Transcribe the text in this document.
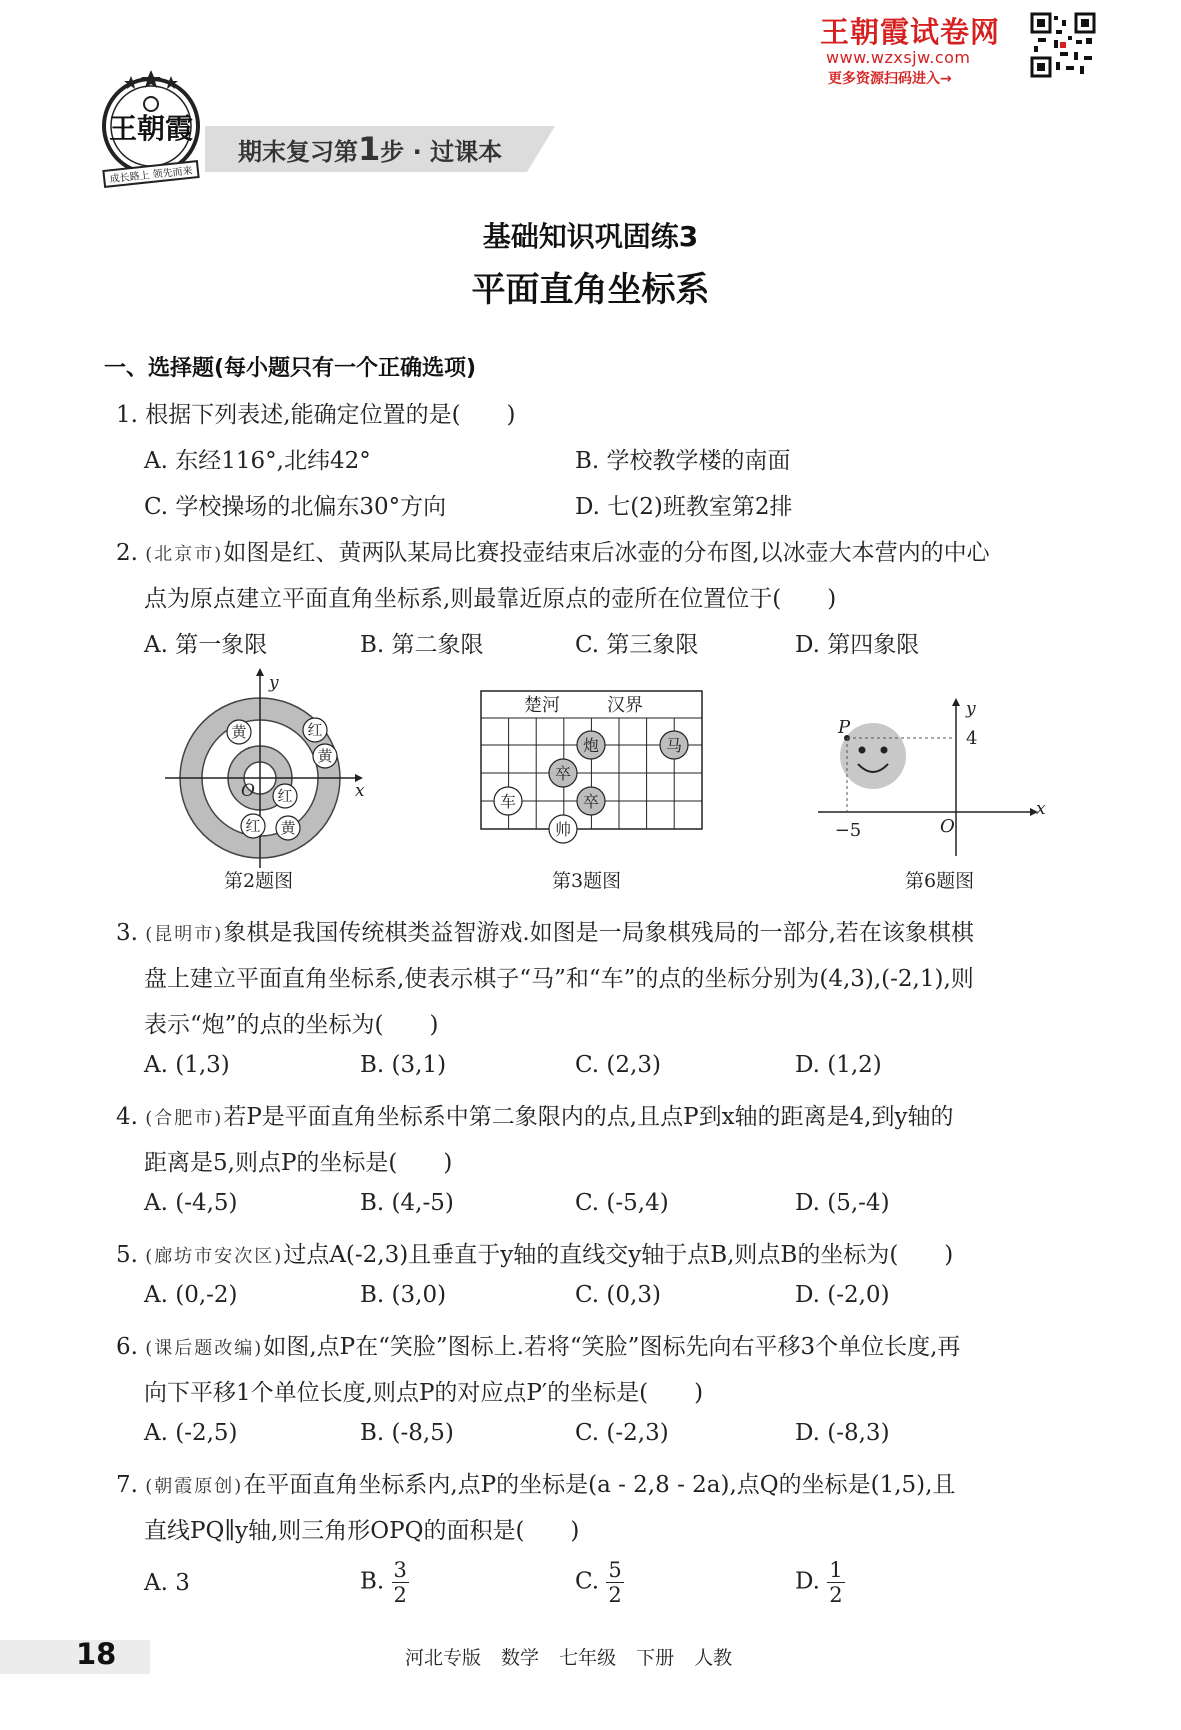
王朝霞试卷网
www.wzxsjw.com
更多资源扫码进入→
王朝霞
成长路上 领先而来
期末复习第1步 · 过课本
基础知识巩固练3
平面直角坐标系
一、选择题(每小题只有一个正确选项)
1. 根据下列表述,能确定位置的是(　　)
A. 东经116°,北纬42°	B. 学校教学楼的南面
C. 学校操场的北偏东30°方向	D. 七(2)班教室第2排
2. (北京市)如图是红、黄两队某局比赛投壶结束后冰壶的分布图,以冰壶大本营内的中心
点为原点建立平面直角坐标系,则最靠近原点的壶所在位置位于(　　)
A. 第一象限	B. 第二象限	C. 第三象限	D. 第四象限
y
x
O
黄	红
黄
红
红 黄
第2题图
楚河	汉界
炮	马
卒
卒
车
帅
第3题图
P
y
x
O
4
−5
第6题图
3. (昆明市)象棋是我国传统棋类益智游戏.如图是一局象棋残局的一部分,若在该象棋棋
盘上建立平面直角坐标系,使表示棋子“马”和“车”的点的坐标分别为(4,3),(-2,1),则
表示“炮”的点的坐标为(　　)
A. (1,3)	B. (3,1)	C. (2,3)	D. (1,2)
4. (合肥市)若P是平面直角坐标系中第二象限内的点,且点P到x轴的距离是4,到y轴的
距离是5,则点P的坐标是(　　)
A. (-4,5)	B. (4,-5)	C. (-5,4)	D. (5,-4)
5. (廊坊市安次区)过点A(-2,3)且垂直于y轴的直线交y轴于点B,则点B的坐标为(　　)
A. (0,-2)	B. (3,0)	C. (0,3)	D. (-2,0)
6. (课后题改编)如图,点P在“笑脸”图标上.若将“笑脸”图标先向右平移3个单位长度,再
向下平移1个单位长度,则点P的对应点P′的坐标是(　　)
A. (-2,5)	B. (-8,5)	C. (-2,3)	D. (-8,3)
7. (朝霞原创)在平面直角坐标系内,点P的坐标是(a - 2,8 - 2a),点Q的坐标是(1,5),且
直线PQ∥y轴,则三角形OPQ的面积是(　　)
A. 3	B. $\frac{3}{2}$	C. $\frac{5}{2}$	D. $\frac{1}{2}$
18	河北专版 数学 七年级 下册 人教
